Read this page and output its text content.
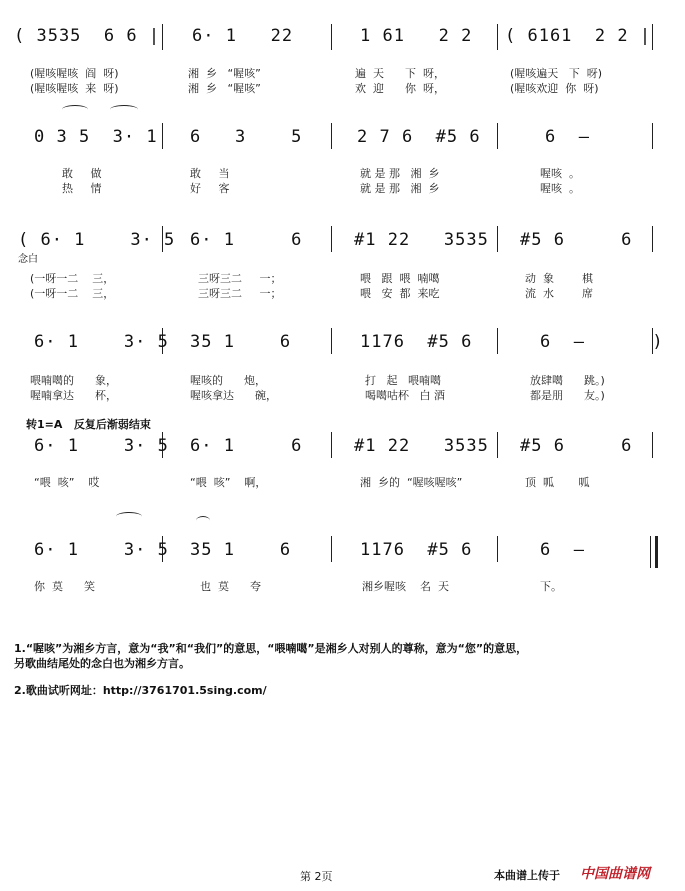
( 3535  6 6 | 6· 1   22	1 61   2 2 ( 6161  2 2 |
(喔咳喔咳  阎  呀)	湘  乡   “喔咳”	遍  天      下  呀，	(喔咳遍天   下  呀)
(喔咳喔咳  来  呀)	湘  乡   “喔咳”	欢  迎      你  呀，	(喔咳欢迎  你  呀)
0 3 5  3· 1 6   3    5	2 7 6  #5 6	6  –
敢     做	敢     当	就 是 那   湘  乡	喔咳  。
热     情	好     客	就 是 那   湘  乡	喔咳  。
念白
( 6· 1    3· 5 6· 1     6	#1 22   3535 #5 6     6
(一呀一二    三，	三呀三二     一；	喂   跟  喂  喃噶	动  象        棋
(一呀一二    三，	三呀三二     一；	喂   安  都  来吃	流  水        席
6· 1    3· 5 35 1    6	1176  #5 6	6  –      )
喂喃噶的      象，	喔咳的      炮，	打   起   喂喃噶	放肆噶      跳。)
喔喃拿达      杯，	喔咳拿达      碗，	喝噶咕杯   白 酒	都是朋      友。)
转1=A   反复后渐弱结束
6· 1    3· 5 6· 1     6	#1 22   3535 #5 6     6
“喂  咳”    哎	“喂  咳”    啊，	湘  乡的  “喔咳喔咳”	顶  呱       呱
6· 1    3· 5 35 1    6	1176  #5 6	6  –
你  莫      笑	也  莫      夸	湘乡喔咳    名  天	下。
1.“喔咳”为湘乡方言，意为“我”和“我们”的意思，“喂喃噶”是湘乡人对别人的尊称，意为“您”的意思，
另歌曲结尾处的念白也为湘乡方言。
2.歌曲试听网址：http://3761701.5sing.com/
第 2页	本曲谱上传于 中国曲谱网
